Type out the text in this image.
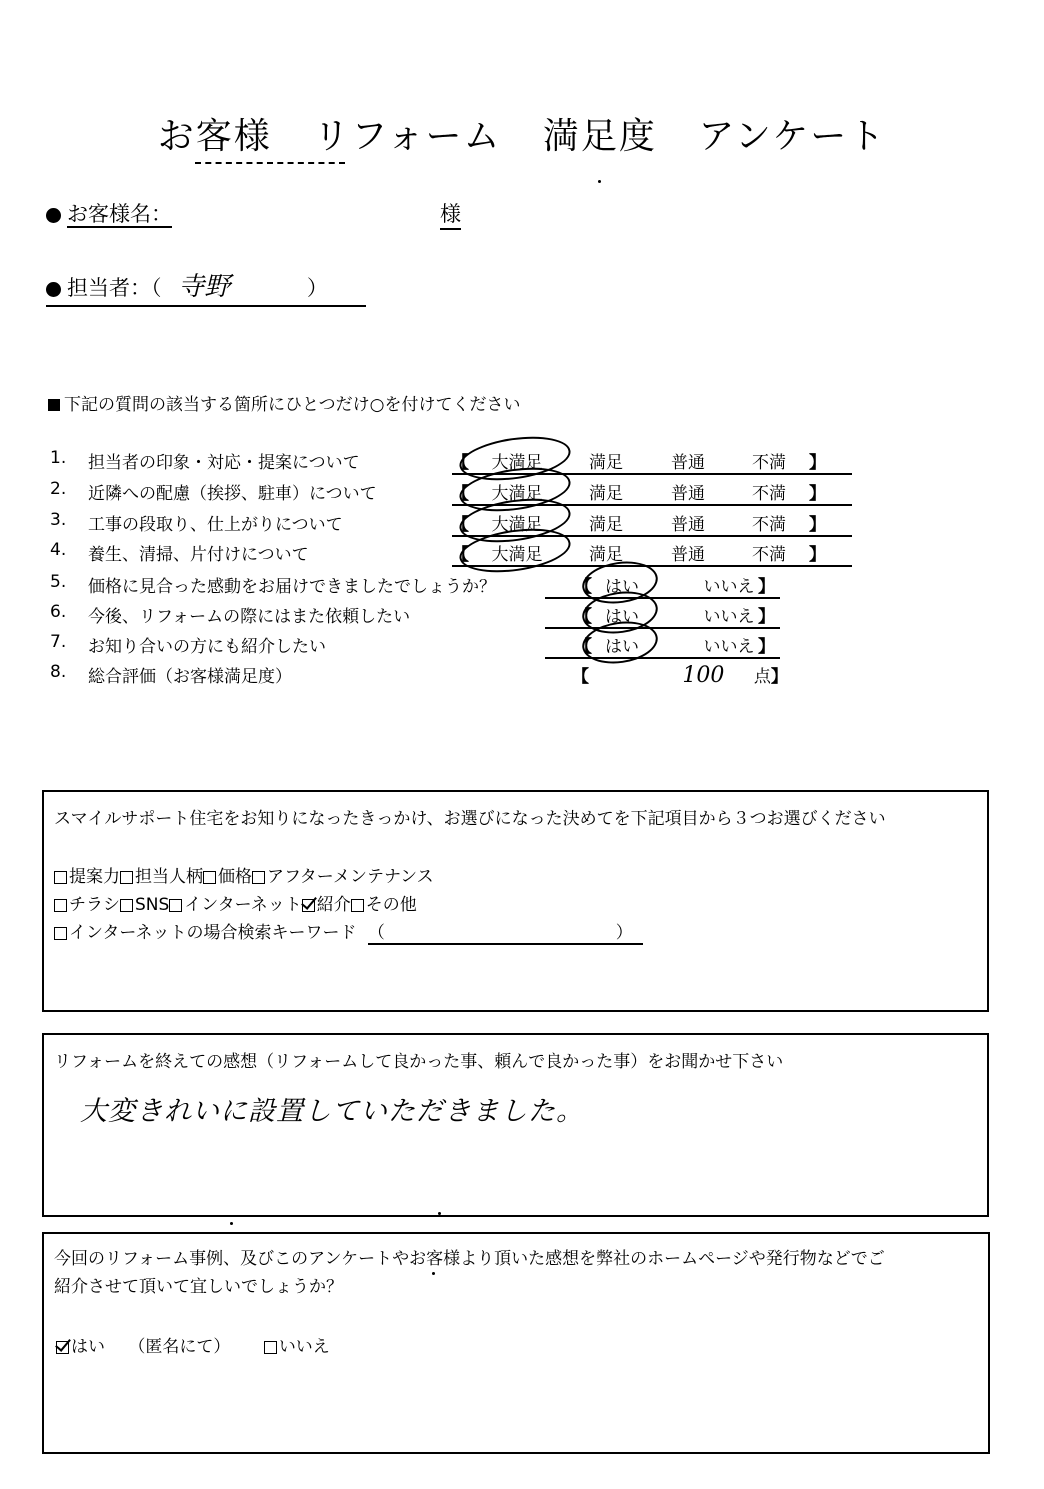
お客様 リフォーム 満足度 アンケート
お客様名：	様
担当者：（ 寺野	）
下記の質問の該当する箇所にひとつだけ○を付けてください
1.	担当者の印象・対応・提案について	【 大満足	満足	普通	不満 】
2.	近隣への配慮（挨拶、駐車）について	【 大満足	満足	普通	不満 】
3.	工事の段取り、仕上がりについて	【 大満足	満足	普通	不満 】
4.	養生、清掃、片付けについて	【 大満足	満足	普通	不満 】
5.	価格に見合った感動をお届けできましたでしょうか？	【 はい	いいえ 】
6.	今後、リフォームの際にはまた依頼したい	【 はい	いいえ 】
7.	お知り合いの方にも紹介したい	【 はい	いいえ 】
8.	総合評価（お客様満足度）	【	100 点】
スマイルサポート住宅をお知りになったきっかけ、お選びになった決めてを下記項目から３つお選びください
提案力 担当人柄 価格 アフターメンテナンス
チラシ SNS インターネット 紹介 その他
インターネットの場合検索キーワード （	）
リフォームを終えての感想（リフォームして良かった事、頼んで良かった事）をお聞かせ下さい
大変きれいに設置していただきました。
今回のリフォーム事例、及びこのアンケートやお客様より頂いた感想を弊社のホームページや発行物などでご
紹介させて頂いて宜しいでしょうか？
はい （匿名にて）	いいえ
